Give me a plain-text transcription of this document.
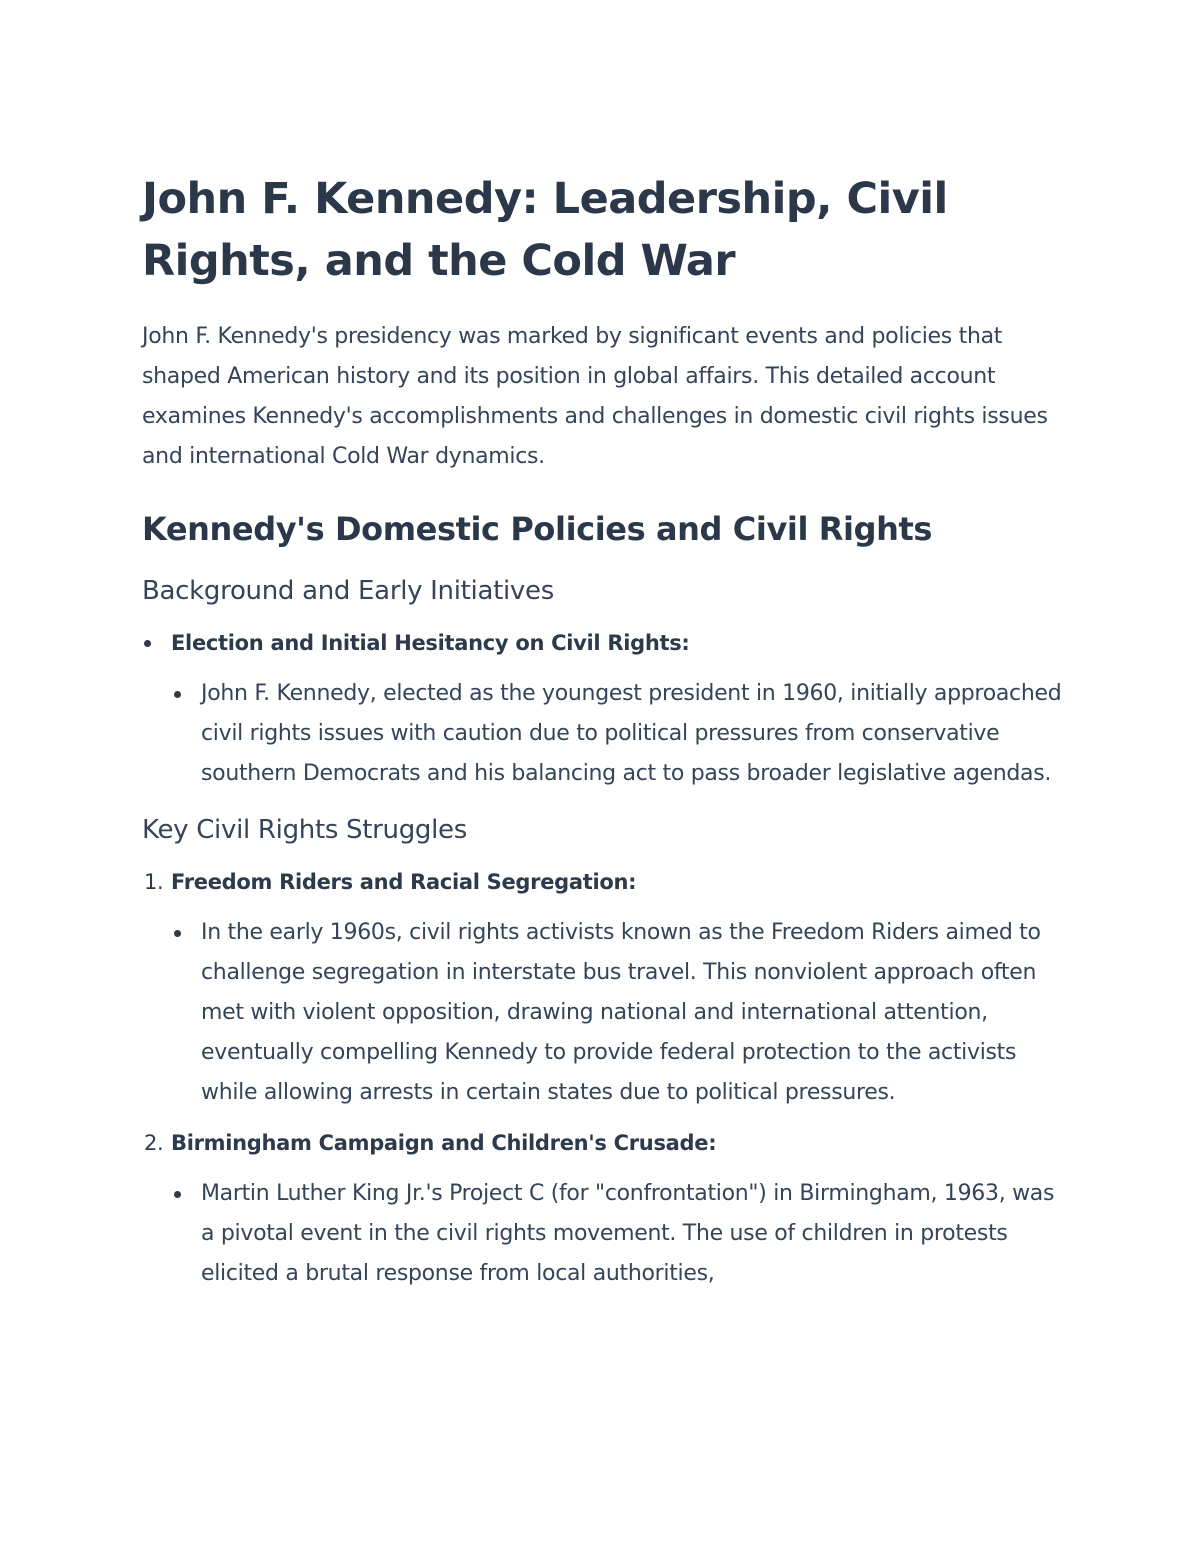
John F. Kennedy: Leadership, Civil Rights, and the Cold War

John F. Kennedy's presidency was marked by significant events and policies that shaped American history and its position in global affairs. This detailed account examines Kennedy's accomplishments and challenges in domestic civil rights issues and international Cold War dynamics.

Kennedy's Domestic Policies and Civil Rights
Background and Early Initiatives
Election and Initial Hesitancy on Civil Rights:
John F. Kennedy, elected as the youngest president in 1960, initially approached civil rights issues with caution due to political pressures from conservative southern Democrats and his balancing act to pass broader legislative agendas.
Key Civil Rights Struggles
1. Freedom Riders and Racial Segregation:
In the early 1960s, civil rights activists known as the Freedom Riders aimed to challenge segregation in interstate bus travel. This nonviolent approach often met with violent opposition, drawing national and international attention, eventually compelling Kennedy to provide federal protection to the activists while allowing arrests in certain states due to political pressures.
2. Birmingham Campaign and Children's Crusade:
Martin Luther King Jr.'s Project C (for "confrontation") in Birmingham, 1963, was a pivotal event in the civil rights movement. The use of children in protests elicited a brutal response from local authorities,
